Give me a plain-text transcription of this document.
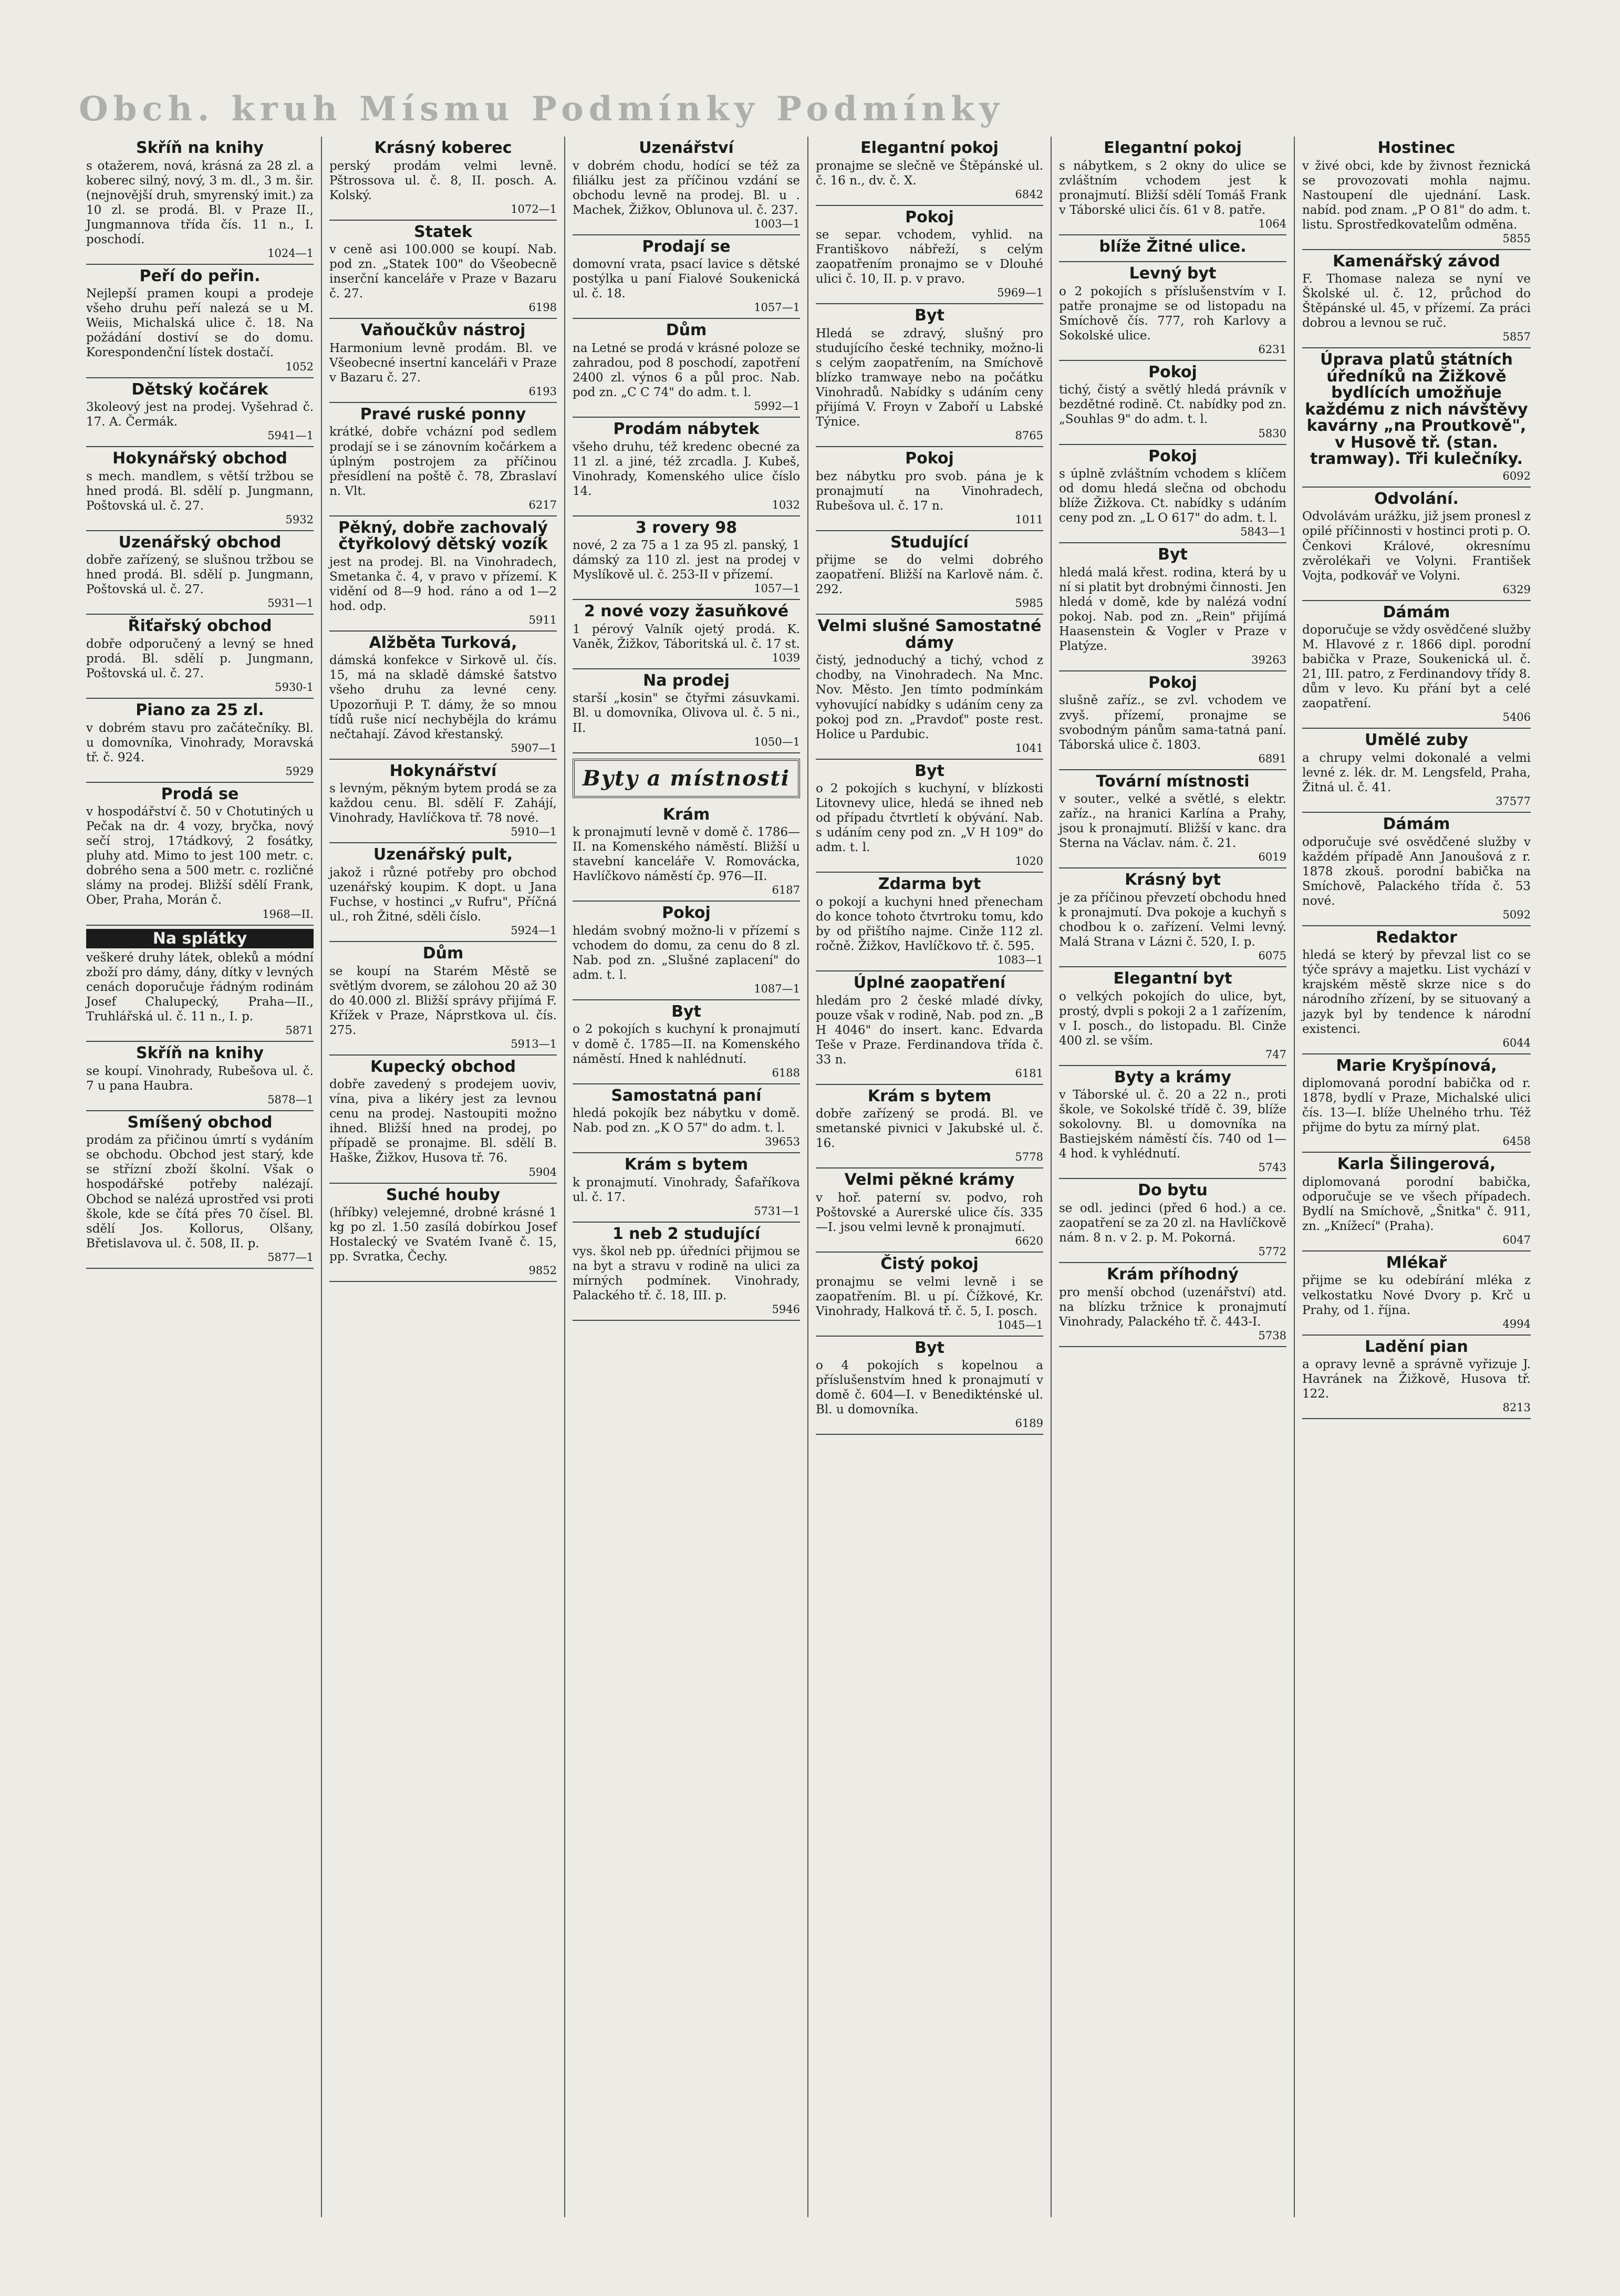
Obch. kruh Mísmu Podmínky Podmínky
Skříň na knihy
s otažerem, nová, krásná za 28 zl. a koberec silný, nový, 3 m. dl., 3 m. šir. (nejnovější druh, smyrenský imit.) za 10 zl. se prodá. Bl. v Praze II., Jungmannova třída čís. 11 n., I. poschodí.
1024—1
Peří do peřin.
Nejlepší pramen koupi a prodeje všeho druhu peří nalezá se u M. Weiis, Michalská ulice č. 18. Na požádání dostiví se do domu. Korespondenční lístek dostačí.
1052
Dětský kočárek
3koleový jest na prodej. Vyšehrad č. 17. A. Čermák.
5941—1
Hokynářský obchod
s mech. mandlem, s větší tržbou se hned prodá. Bl. sdělí p. Jungmann, Poštovská ul. č. 27.
5932
Uzenářský obchod
dobře zařízený, se slušnou tržbou se hned prodá. Bl. sdělí p. Jungmann, Poštovská ul. č. 27.
5931—1
Řiťařský obchod
dobře odporučený a levný se hned prodá. Bl. sdělí p. Jungmann, Poštovská ul. č. 27.
5930-1
Piano za 25 zl.
v dobrém stavu pro začátečníky. Bl. u domovníka, Vinohrady, Moravská tř. č. 924.
5929
Prodá se
v hospodářství č. 50 v Chotutiných u Pečak na dr. 4 vozy, bryčka, nový sečí stroj, 17tádkový, 2 fosátky, pluhy atd. Mimo to jest 100 metr. c. dobrého sena a 500 metr. c. rozličné slámy na prodej. Bližší sdělí Frank, Ober, Praha, Morán č.
1968—II.
Na splátky
veškeré druhy látek, obleků a módní zboží pro dámy, dány, dítky v levných cenách doporučuje řádným rodinám Josef Chalupecký, Praha—II., Truhlářská ul. č. 11 n., I. p.
5871
Skříň na knihy
se koupí. Vinohrady, Rubešova ul. č. 7 u pana Haubra.
5878—1
Smíšený obchod
prodám za přičinou úmrtí s vydáním se obchodu. Obchod jest starý, kde se střízní zboží školní. Však o hospodářské potřeby nalézají. Obchod se nalézá uprostřed vsi proti škole, kde se čítá přes 70 čísel. Bl. sdělí Jos. Kollorus, Olšany, Břetislavova ul. č. 508, II. p.
5877—1
Krásný koberec
perský prodám velmi levně. Pštrossova ul. č. 8, II. posch. A. Kolský.
1072—1
Statek
v ceně asi 100.000 se koupí. Nab. pod zn. „Statek 100" do Všeobecně inserční kanceláře v Praze v Bazaru č. 27.
6198
Vaňoučkův nástroj
Harmonium levně prodám. Bl. ve Všeobecné insertní kanceláři v Praze v Bazaru č. 27.
6193
Pravé ruské ponny
krátké, dobře vcházní pod sedlem prodají se i se zánovním kočárkem a úplným postrojem za příčinou přesídlení na poště č. 78, Zbraslaví n. Vlt.
6217
Pěkný, dobře zachovalý čtyřkolový dětský vozík
jest na prodej. Bl. na Vinohradech, Smetanka č. 4, v pravo v přízemí. K vidění od 8—9 hod. ráno a od 1—2 hod. odp.
5911
Alžběta Turková,
dámská konfekce v Sirkově ul. čís. 15, má na skladě dámské šatstvo všeho druhu za levné ceny. Upozorňuji P. T. dámy, že so mnou tídů ruše nicí nechybějla do krámu nečtahají. Závod křestanský.
5907—1
Hokynářství
s levným, pěkným bytem prodá se za každou cenu. Bl. sdělí F. Zahájí, Vinohrady, Havlíčkova tř. 78 nové.
5910—1
Uzenářský pult,
jakož i různé potřeby pro obchod uzenářský koupim. K dopt. u Jana Fuchse, v hostinci „v Rufru", Příčná ul., roh Žitné, sděli číslo.
5924—1
Dům
se koupí na Starém Městě se světlým dvorem, se zálohou 20 až 30 do 40.000 zl. Bližší správy přijímá F. Křížek v Praze, Náprstkova ul. čís. 275.
5913—1
Kupecký obchod
dobře zavedený s prodejem uoviv, vína, piva a likéry jest za levnou cenu na prodej. Nastoupiti možno ihned. Bližší hned na prodej, po případě se pronajme. Bl. sdělí B. Haške, Žižkov, Husova tř. 76.
5904
Suché houby
(hříbky) velejemné, drobné krásné 1 kg po zl. 1.50 zasílá dobírkou Josef Hostalecký ve Svatém Ivaně č. 15, pp. Svratka, Čechy.
9852
Uzenářství
v dobrém chodu, hodící se též za filiálku jest za příčinou vzdání se obchodu levně na prodej. Bl. u . Machek, Žižkov, Oblunova ul. č. 237.
1003—1
Prodají se
domovní vrata, psací lavice s dětské postýlka u paní Fialové Soukenická ul. č. 18.
1057—1
Dům
na Letné se prodá v krásné poloze se zahradou, pod 8 poschodí, zapotření 2400 zl. výnos 6 a půl proc. Nab. pod zn. „C C 74" do adm. t. l.
5992—1
Prodám nábytek
všeho druhu, též kredenc obecné za 11 zl. a jiné, též zrcadla. J. Kubeš, Vinohrady, Komenského ulice číslo 14.
1032
3 rovery 98
nové, 2 za 75 a 1 za 95 zl. panský, 1 dámský za 110 zl. jest na prodej v Myslíkově ul. č. 253-II v přízemí.
1057—1
2 nové vozy žasuňkové
1 pérový Valník ojetý prodá. K. Vaněk, Žižkov, Táboritská ul. č. 17 st.
1039
Na prodej
starší „kosin" se čtyřmi zásuvkami. Bl. u domovníka, Olivova ul. č. 5 ni., II.
1050—1
Byty a místnosti
Krám
k pronajmutí levně v domě č. 1786—II. na Komenského náměstí. Bližší u stavební kanceláře V. Romovácka, Havlíčkovo náměstí čp. 976—II.
6187
Pokoj
hledám svobný možno-li v přízemí s vchodem do domu, za cenu do 8 zl. Nab. pod zn. „Slušné zaplacení" do adm. t. l.
1087—1
Byt
o 2 pokojích s kuchyní k pronajmutí v domě č. 1785—II. na Komenského náměstí. Hned k nahlédnutí.
6188
Samostatná paní
hledá pokojík bez nábytku v domě. Nab. pod zn. „K O 57" do adm. t. l.
39653
Krám s bytem
k pronajmutí. Vinohrady, Šafaříkova ul. č. 17.
5731—1
1 neb 2 studující
vys. škol neb pp. úředníci přijmou se na byt a stravu v rodině na ulici za mírných podmínek. Vinohrady, Palackého tř. č. 18, III. p.
5946
Elegantní pokoj
pronajme se slečně ve Štěpánské ul. č. 16 n., dv. č. X.
6842
Pokoj
se separ. vchodem, vyhlid. na Františkovo nábřeží, s celým zaopatřením pronajmo se v Dlouhé ulici č. 10, II. p. v pravo.
5969—1
Byt
Hledá se zdravý, slušný pro studujícího české techniky, možno-li s celým zaopatřením, na Smíchově blízko tramwaye nebo na počátku Vinohradů. Nabídky s udáním ceny přijímá V. Froyn v Zaboří u Labské Týnice.
8765
Pokoj
bez nábytku pro svob. pána je k pronajmutí na Vinohradech, Rubešova ul. č. 17 n.
1011
Studující
přijme se do velmi dobrého zaopatření. Bližší na Karlově nám. č. 292.
5985
Velmi slušné Samostatné dámy
čistý, jednoduchý a tichý, vchod z chodby, na Vinohradech. Na Mnc. Nov. Město. Jen tímto podmínkám vyhovující nabídky s udáním ceny za pokoj pod zn. „Pravdoť" poste rest. Holice u Pardubic.
1041
Byt
o 2 pokojích s kuchyní, v blízkosti Litovnevy ulice, hledá se ihned neb od případu čtvrtletí k obývání. Nab. s udáním ceny pod zn. „V H 109" do adm. t. l.
1020
Zdarma byt
o pokojí a kuchyni hned přenecham do konce tohoto čtvrtroku tomu, kdo by od přištího najme. Cinže 112 zl. ročně. Žižkov, Havlíčkovo tř. č. 595.
1083—1
Úplné zaopatření
hledám pro 2 české mladé dívky, pouze však v rodině, Nab. pod zn. „B H 4046" do insert. kanc. Edvarda Teše v Praze. Ferdinandova třída č. 33 n.
6181
Krám s bytem
dobře zařízený se prodá. Bl. ve smetanské pivnici v Jakubské ul. č. 16.
5778
Velmi pěkné krámy
v hoř. paterní sv. podvo, roh Poštovské a Aurerské ulice čís. 335—I. jsou velmi levně k pronajmutí.
6620
Čistý pokoj
pronajmu se velmi levně i se zaopatřením. Bl. u pí. Čížkové, Kr. Vinohrady, Halková tř. č. 5, I. posch.
1045—1
Byt
o 4 pokojích s kopelnou a příslušenstvím hned k pronajmutí v domě č. 604—I. v Benedikténské ul. Bl. u domovníka.
6189
Elegantní pokoj
s nábytkem, s 2 okny do ulice se zvláštním vchodem jest k pronajmutí. Bližší sdělí Tomáš Frank v Táborské ulici čís. 61 v 8. patře.
1064
blíže Žitné ulice.
Levný byt
o 2 pokojích s příslušenstvím v I. patře pronajme se od listopadu na Smíchově čís. 777, roh Karlovy a Sokolské ulice.
6231
Pokoj
tichý, čistý a světlý hledá právník v bezdětné rodině. Ct. nabídky pod zn. „Souhlas 9" do adm. t. l.
5830
Pokoj
s úplně zvláštním vchodem s klíčem od domu hledá slečna od obchodu blíže Žižkova. Ct. nabídky s udáním ceny pod zn. „L O 617" do adm. t. l.
5843—1
Byt
hledá malá křest. rodina, která by u ní si platit byt drobnými činnosti. Jen hledá v domě, kde by nalézá vodní pokoj. Nab. pod zn. „Rein" přijímá Haasenstein & Vogler v Praze v Platýze.
39263
Pokoj
slušně zaříz., se zvl. vchodem ve zvyš. přízemí, pronajme se svobodným pánům sama-tatná paní. Táborská ulice č. 1803.
6891
Tovární místnosti
v souter., velké a světlé, s elektr. zaříz., na hranici Karlína a Prahy, jsou k pronajmutí. Bližší v kanc. dra Sterna na Václav. nám. č. 21.
6019
Krásný byt
je za příčinou převzetí obchodu hned k pronajmutí. Dva pokoje a kuchyň s chodbou k o. zařízení. Velmi levný. Malá Strana v Lázni č. 520, I. p.
6075
Elegantní byt
o velkých pokojích do ulice, byt, prostý, dvpli s pokoji 2 a 1 zařízením, v I. posch., do listopadu. Bl. Cinže 400 zl. se vším.
747
Byty a krámy
v Táborské ul. č. 20 a 22 n., proti škole, ve Sokolské třídě č. 39, blíže sokolovny. Bl. u domovníka na Bastiejském náměstí čís. 740 od 1—4 hod. k vyhlédnutí.
5743
Do bytu
se odl. jedinci (před 6 hod.) a ce. zaopatření se za 20 zl. na Havlíčkově nám. 8 n. v 2. p. M. Pokorná.
5772
Krám příhodný
pro menší obchod (uzenářství) atd. na blízku tržnice k pronajmutí Vinohrady, Palackého tř. č. 443-I.
5738
Hostinec
v živé obci, kde by živnost řeznická se provozovati mohla najmu. Nastoupení dle ujednání. Lask. nabíd. pod znam. „P O 81" do adm. t. listu. Sprostředkovatelům odměna.
5855
Kamenářský závod
F. Thomase naleza se nyní ve Školské ul. č. 12, průchod do Štěpánské ul. 45, v přízemí. Za práci dobrou a levnou se ruč.
5857
Úprava platů státních úředníků na Žižkově bydlících umožňuje každému z nich návštěvy kavárny „na Proutkově", v Husově tř. (stan. tramway). Tři kulečníky.
6092
Odvolání.
Odvolávám urážku, již jsem pronesl z opilé příčinnosti v hostinci proti p. O. Čenkovi Králové, okresnímu zvěrolékaři ve Volyni. František Vojta, podkovář ve Volyni.
6329
Dámám
doporučuje se vždy osvědčené služby M. Hlavové z r. 1866 dipl. porodní babička v Praze, Soukenická ul. č. 21, III. patro, z Ferdinandovy třídy 8. dům v levo. Ku přání byt a celé zaopatření.
5406
Umělé zuby
a chrupy velmi dokonalé a velmi levné z. lék. dr. M. Lengsfeld, Praha, Žitná ul. č. 41.
37577
Dámám
odporučuje své osvědčené služby v každém případě Ann Janoušová z r. 1878 zkouš. porodní babička na Smíchově, Palackého třída č. 53 nové.
5092
Redaktor
hledá se který by převzal list co se týče správy a majetku. List vychází v krajském městě skrze nice s do národního zřízení, by se situovaný a jazyk byl by tendence k národní existenci.
6044
Marie Kryšpínová,
diplomovaná porodní babička od r. 1878, bydlí v Praze, Michalské ulici čís. 13—I. blíže Uhelného trhu. Též přijme do bytu za mírný plat.
6458
Karla Šilingerová,
diplomovaná porodní babička, odporučuje se ve všech případech. Bydlí na Smíchově, „Šnitka" č. 911, zn. „Knížecí" (Praha).
6047
Mlékař
přijme se ku odebírání mléka z velkostatku Nové Dvory p. Krč u Prahy, od 1. října.
4994
Ladění pian
a opravy levně a správně vyřizuje J. Havránek na Žižkově, Husova tř. 122.
8213
